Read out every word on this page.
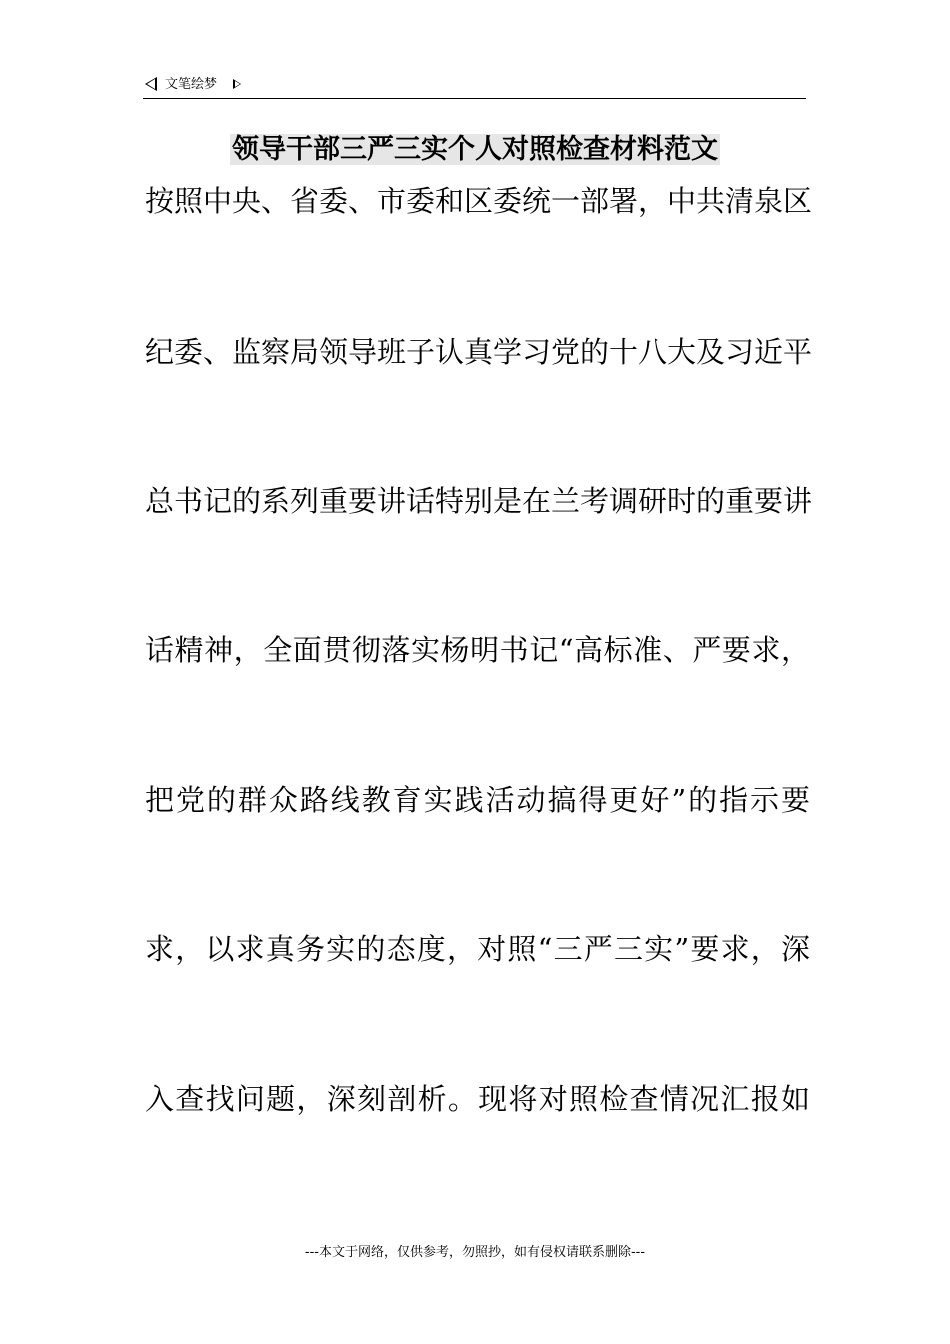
文笔绘梦
领导干部三严三实个人对照检查材料范文
按照中央、省委、市委和区委统一部署，中共清泉区
纪委、监察局领导班子认真学习党的十八大及习近平
总书记的系列重要讲话特别是在兰考调研时的重要讲
话精神，全面贯彻落实杨明书记“高标准、严要求，
把党的群众路线教育实践活动搞得更好”的指示要
求，以求真务实的态度，对照“三严三实”要求，深
入查找问题，深刻剖析。现将对照检查情况汇报如
---本文于网络，仅供参考，勿照抄，如有侵权请联系删除---
